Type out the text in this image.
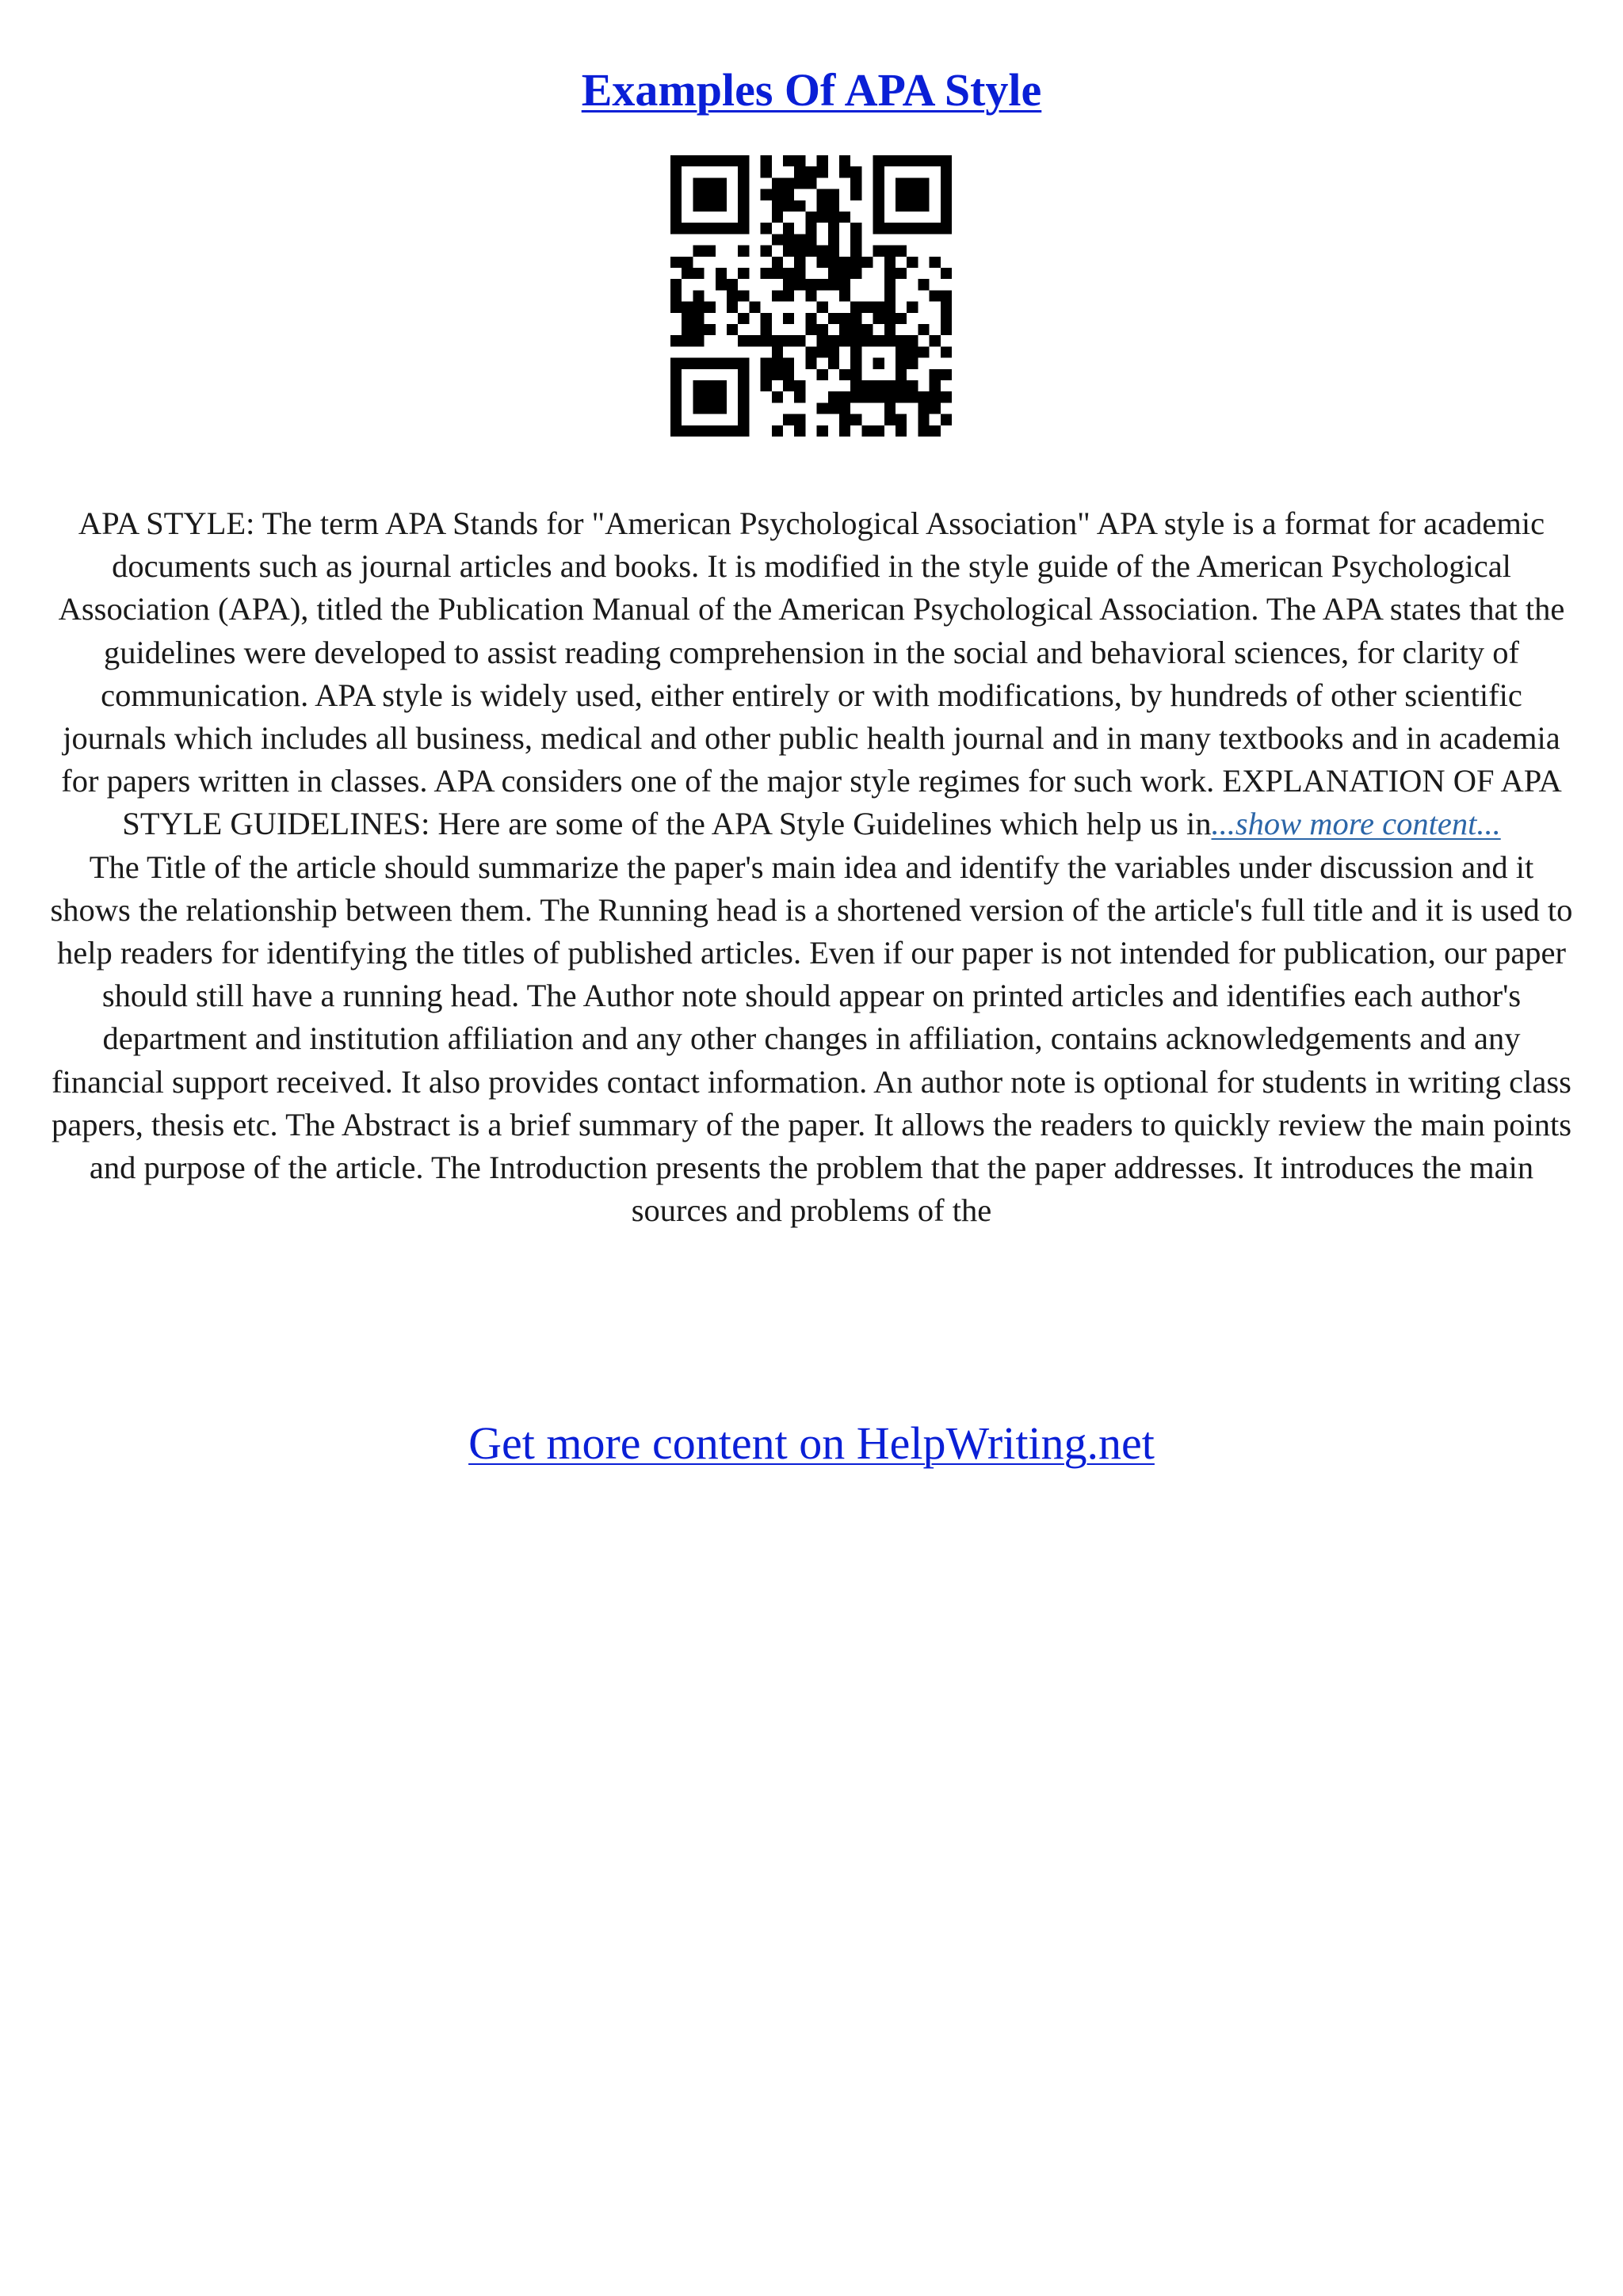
Examples Of APA Style

APA STYLE: The term APA Stands for "American Psychological Association" APA style is a format for academic documents such as journal articles and books. It is modified in the style guide of the American Psychological Association (APA), titled the Publication Manual of the American Psychological Association. The APA states that the guidelines were developed to assist reading comprehension in the social and behavioral sciences, for clarity of communication. APA style is widely used, either entirely or with modifications, by hundreds of other scientific journals which includes all business, medical and other public health journal and in many textbooks and in academia for papers written in classes. APA considers one of the major style regimes for such work. EXPLANATION OF APA STYLE GUIDELINES: Here are some of the APA Style Guidelines which help us in...show more content...

The Title of the article should summarize the paper's main idea and identify the variables under discussion and it shows the relationship between them. The Running head is a shortened version of the article's full title and it is used to help readers for identifying the titles of published articles. Even if our paper is not intended for publication, our paper should still have a running head. The Author note should appear on printed articles and identifies each author's department and institution affiliation and any other changes in affiliation, contains acknowledgements and any financial support received. It also provides contact information. An author note is optional for students in writing class papers, thesis etc. The Abstract is a brief summary of the paper. It allows the readers to quickly review the main points and purpose of the article. The Introduction presents the problem that the paper addresses. It introduces the main sources and problems of the

Get more content on HelpWriting.net
